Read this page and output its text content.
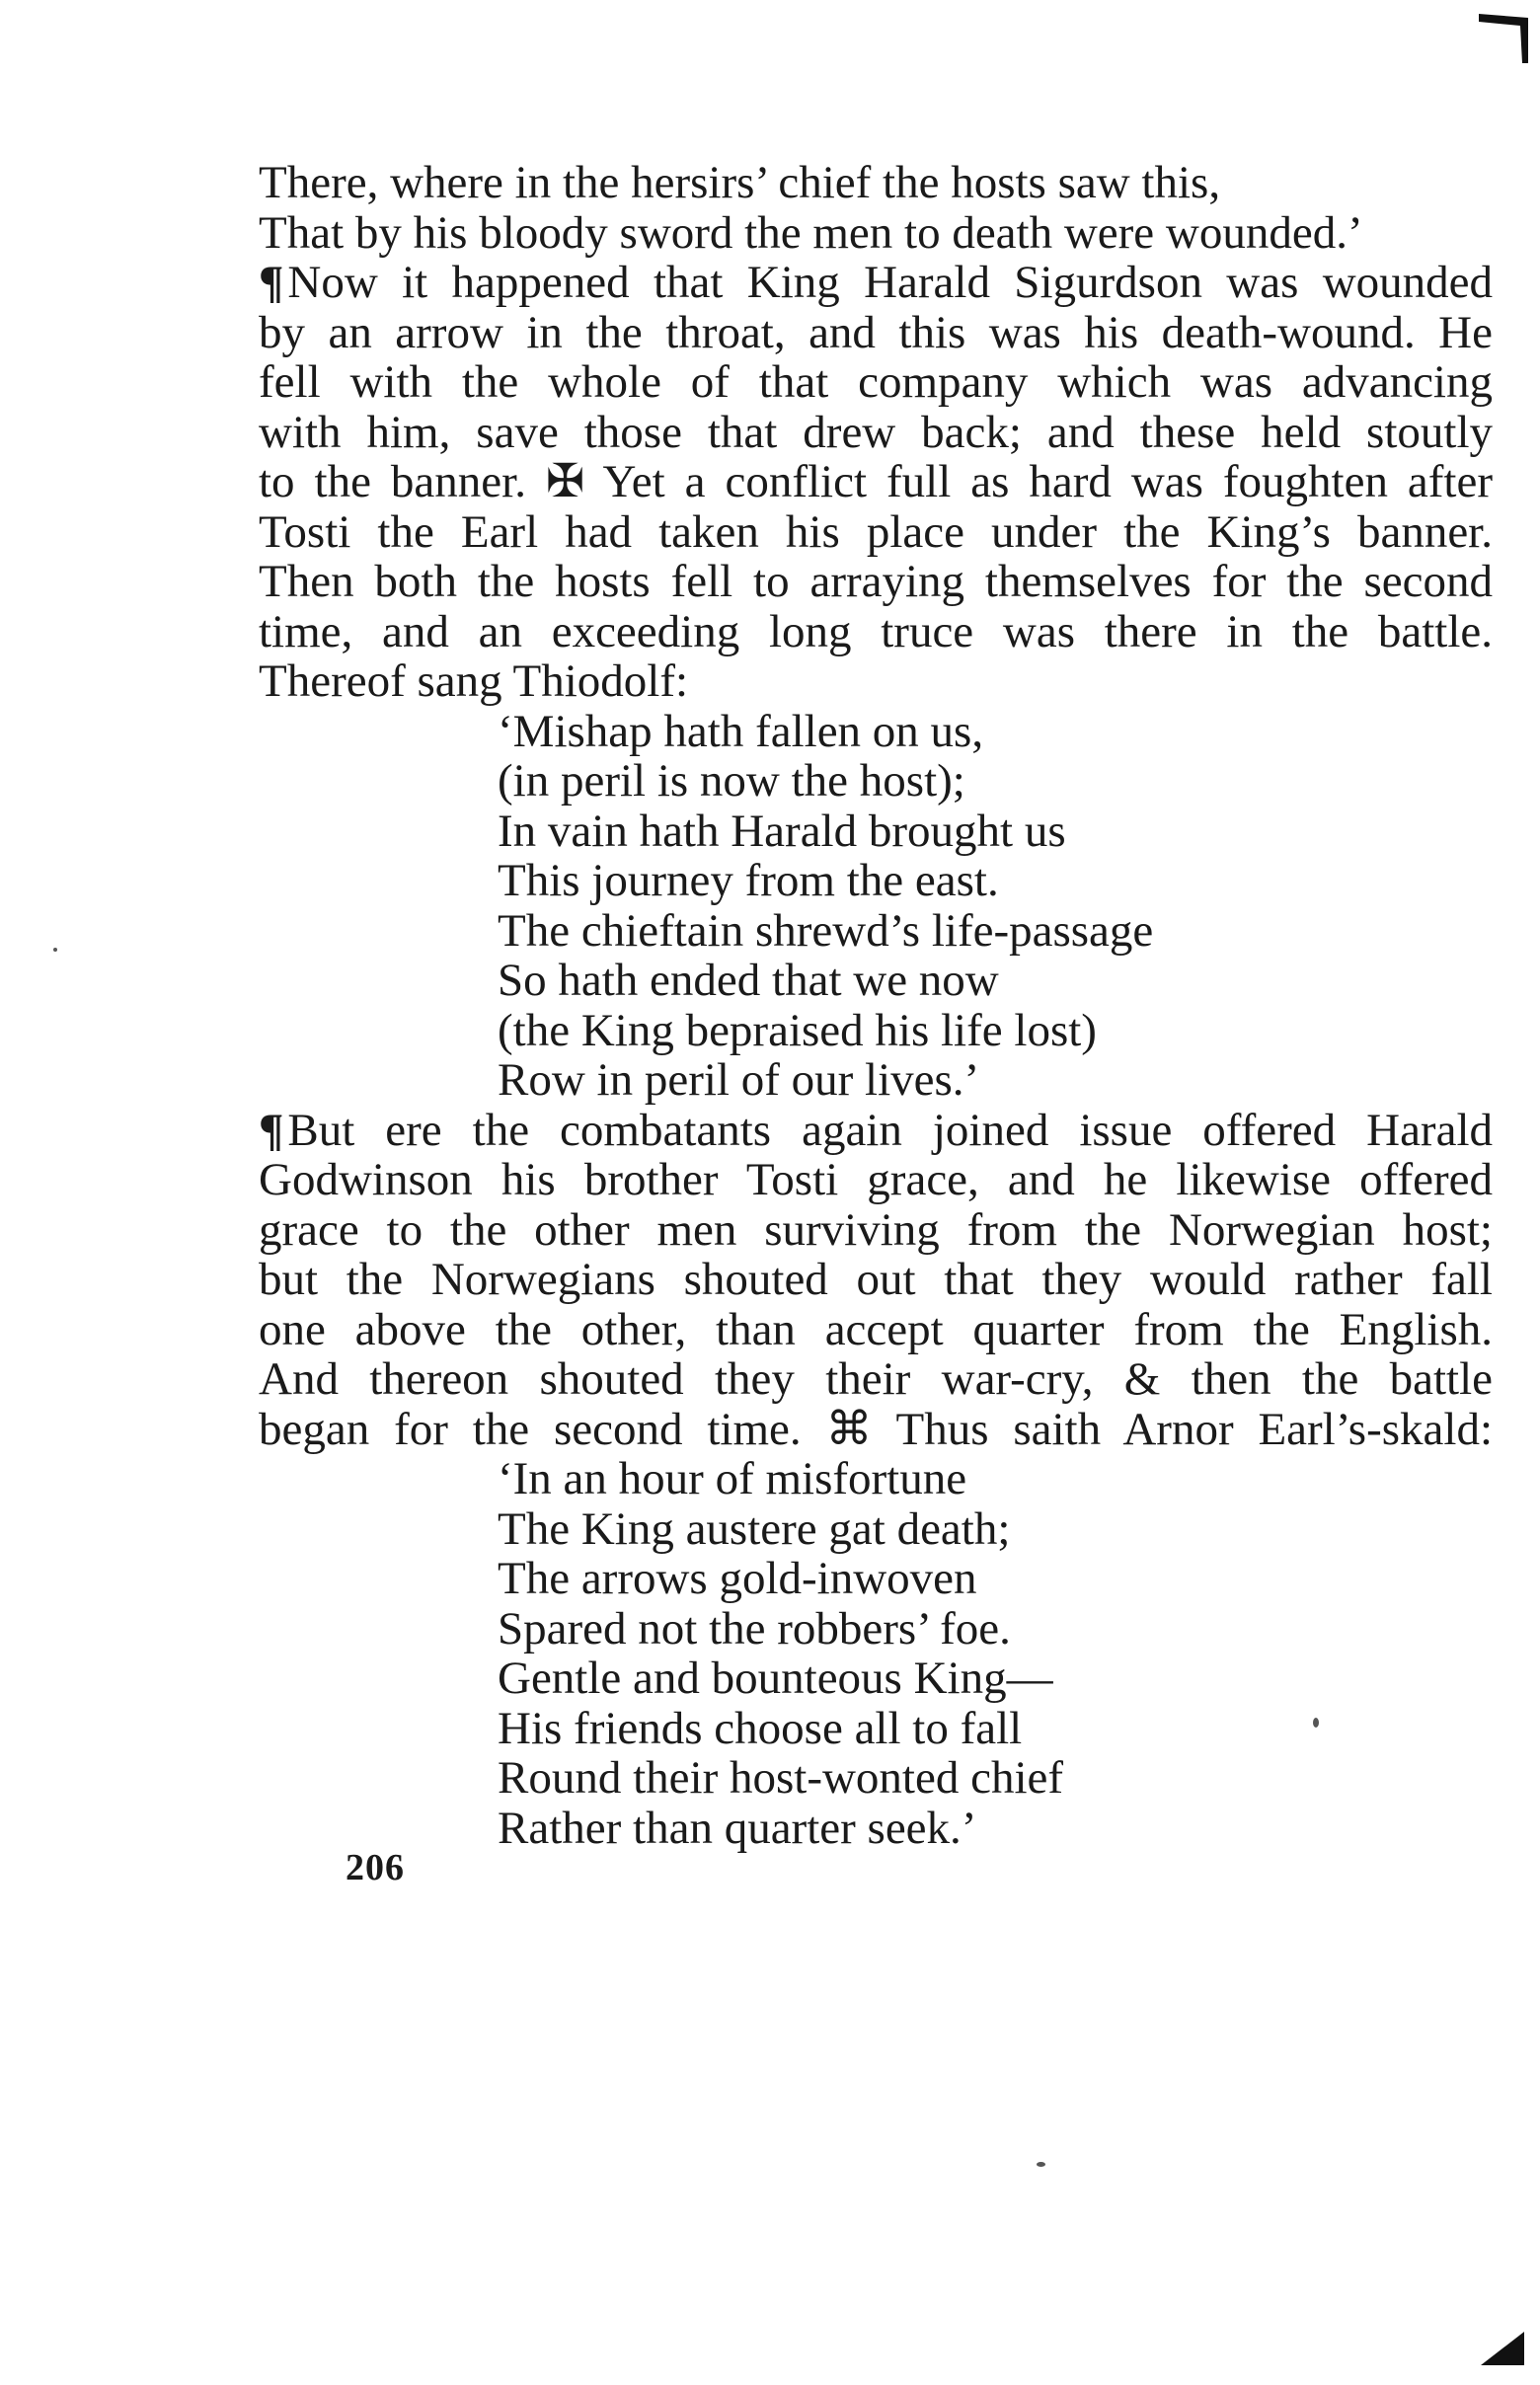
There, where in the hersirs’ chief the hosts saw this,
That by his bloody sword the men to death were wounded.’
¶Now it happened that King Harald Sigurdson was wounded
by an arrow in the throat, and this was his death-wound. He
fell with the whole of that company which was advancing
with him, save those that drew back; and these held stoutly
to the banner. ✠ Yet a conflict full as hard was foughten after
Tosti the Earl had taken his place under the King’s banner.
Then both the hosts fell to arraying themselves for the second
time, and an exceeding long truce was there in the battle.
Thereof sang Thiodolf:
‘Mishap hath fallen on us,
(in peril is now the host);
In vain hath Harald brought us
This journey from the east.
The chieftain shrewd’s life-passage
So hath ended that we now
(the King bepraised his life lost)
Row in peril of our lives.’
¶But ere the combatants again joined issue offered Harald
Godwinson his brother Tosti grace, and he likewise offered
grace to the other men surviving from the Norwegian host;
but the Norwegians shouted out that they would rather fall
one above the other, than accept quarter from the English.
And thereon shouted they their war-cry, & then the battle
began for the second time. ⌘ Thus saith Arnor Earl’s-skald:
‘In an hour of misfortune
The King austere gat death;
The arrows gold-inwoven
Spared not the robbers’ foe.
Gentle and bounteous King—
His friends choose all to fall
Round their host-wonted chief
Rather than quarter seek.’
206
